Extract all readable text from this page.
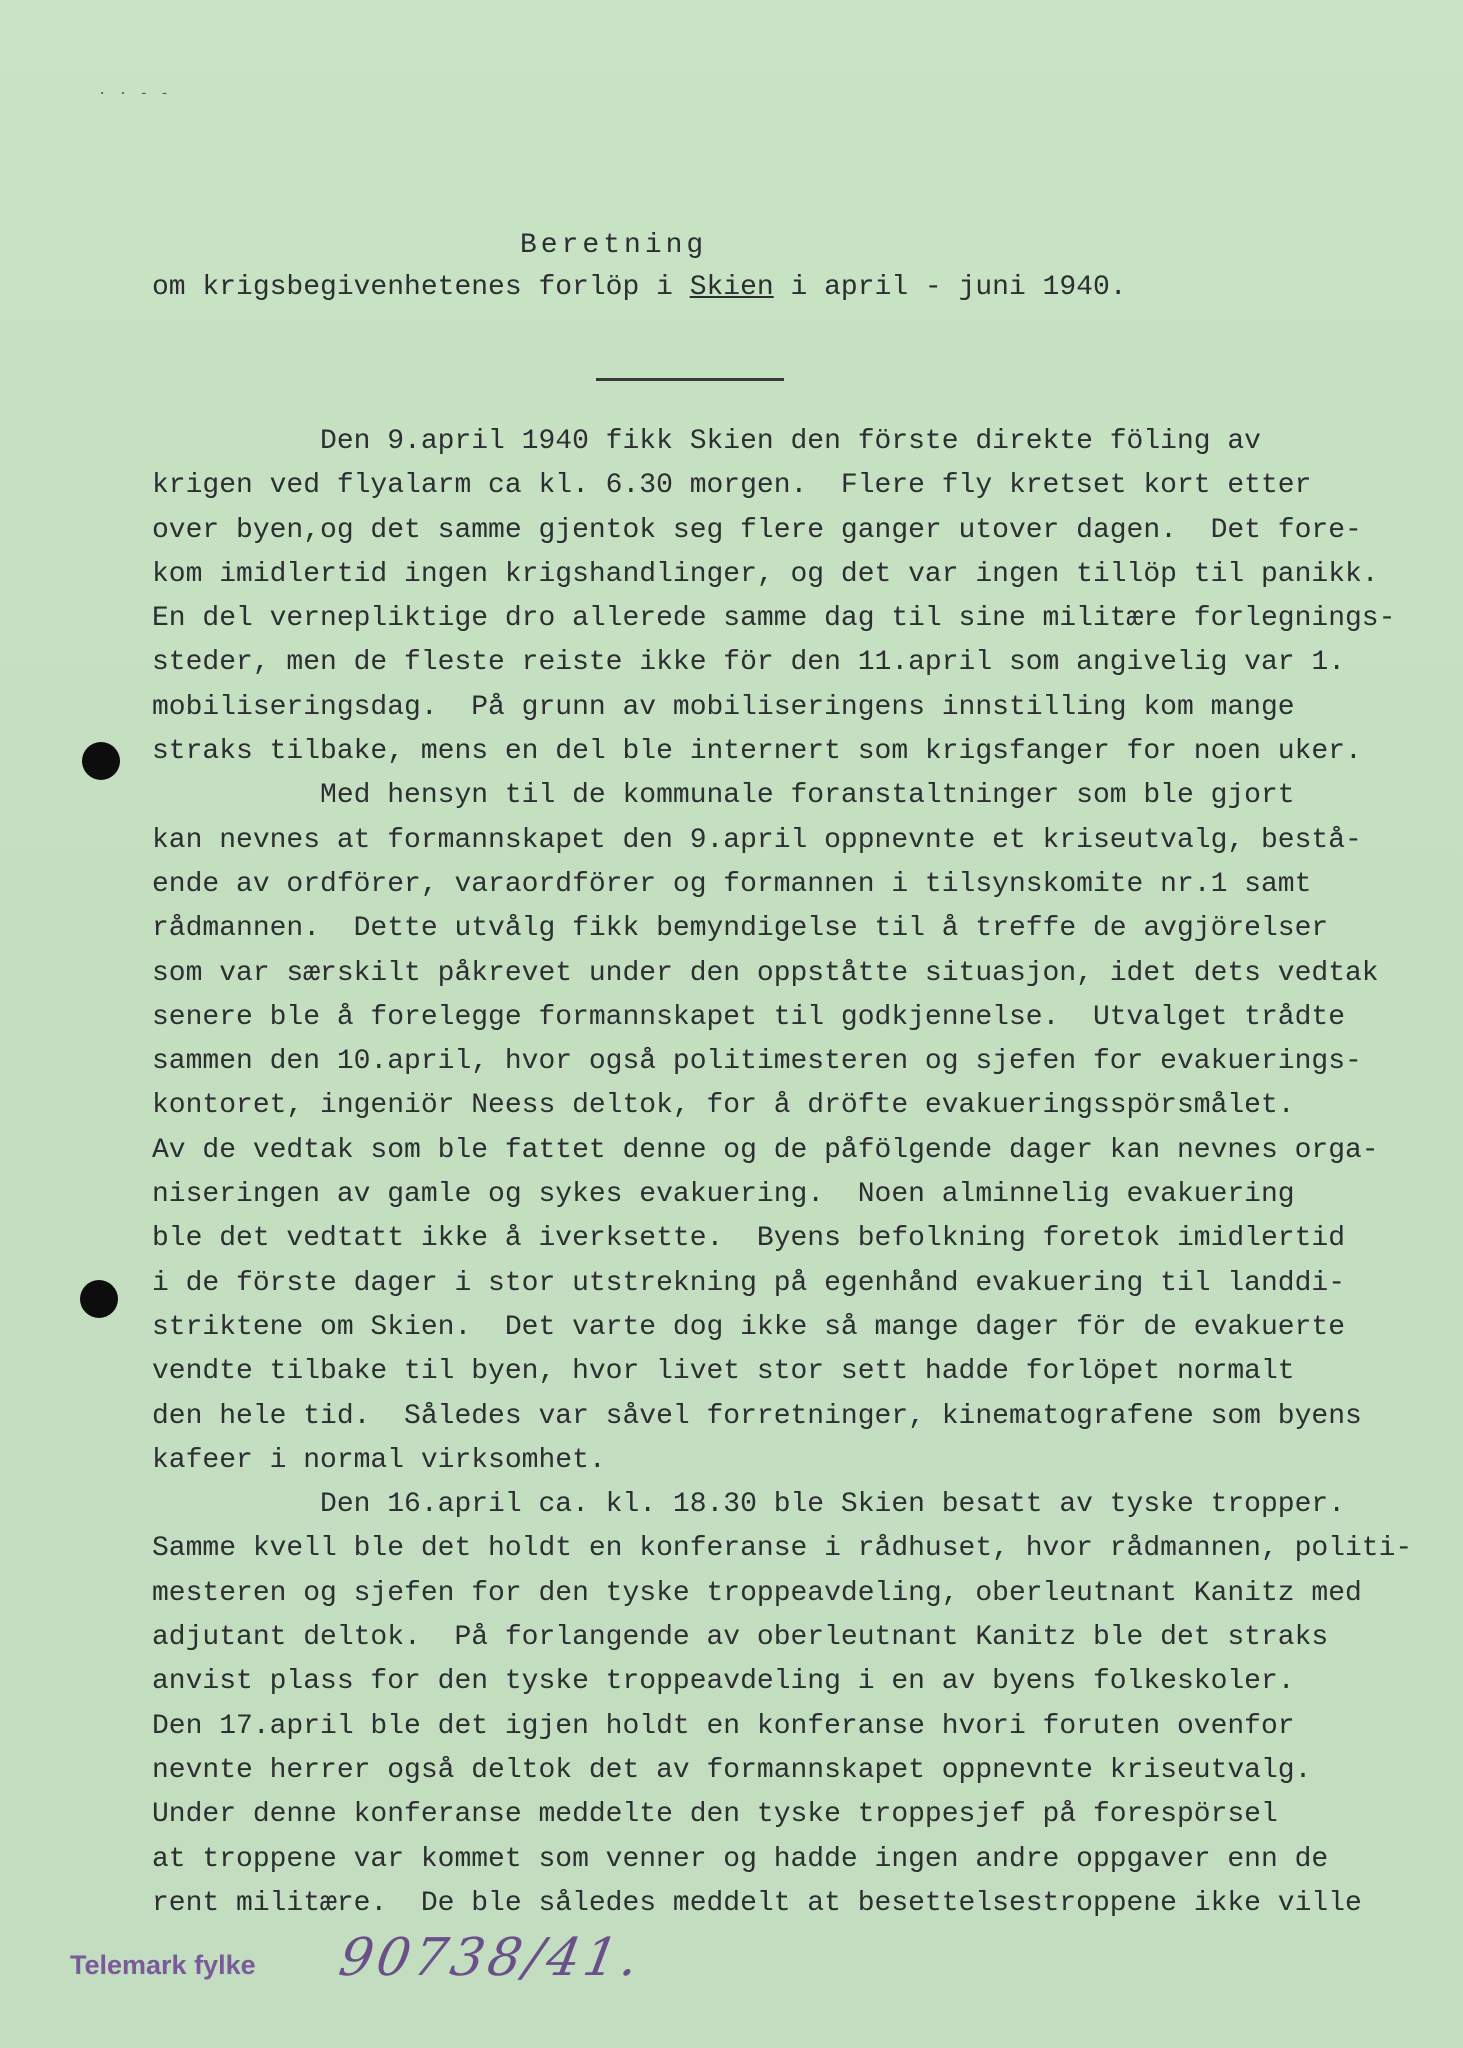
· · - -
Beretning
om krigsbegivenhetenes forlöp i Skien i april - juni 1940.
Den 9.april 1940 fikk Skien den förste direkte föling av
krigen ved flyalarm ca kl. 6.30 morgen.  Flere fly kretset kort etter
over byen,og det samme gjentok seg flere ganger utover dagen.  Det fore-
kom imidlertid ingen krigshandlinger, og det var ingen tillöp til panikk.
En del vernepliktige dro allerede samme dag til sine militære forlegnings-
steder, men de fleste reiste ikke för den 11.april som angivelig var 1.
mobiliseringsdag.  På grunn av mobiliseringens innstilling kom mange
straks tilbake, mens en del ble internert som krigsfanger for noen uker.
Med hensyn til de kommunale foranstaltninger som ble gjort
kan nevnes at formannskapet den 9.april oppnevnte et kriseutvalg, bestå-
ende av ordförer, varaordförer og formannen i tilsynskomite nr.1 samt
rådmannen.  Dette utvålg fikk bemyndigelse til å treffe de avgjörelser
som var særskilt påkrevet under den oppståtte situasjon, idet dets vedtak
senere ble å forelegge formannskapet til godkjennelse.  Utvalget trådte
sammen den 10.april, hvor også politimesteren og sjefen for evakuerings-
kontoret, ingeniör Neess deltok, for å dröfte evakueringsspörsmålet.
Av de vedtak som ble fattet denne og de påfölgende dager kan nevnes orga-
niseringen av gamle og sykes evakuering.  Noen alminnelig evakuering
ble det vedtatt ikke å iverksette.  Byens befolkning foretok imidlertid
i de förste dager i stor utstrekning på egenhånd evakuering til landdi-
striktene om Skien.  Det varte dog ikke så mange dager för de evakuerte
vendte tilbake til byen, hvor livet stor sett hadde forlöpet normalt
den hele tid.  Således var såvel forretninger, kinematografene som byens
kafeer i normal virksomhet.
Den 16.april ca. kl. 18.30 ble Skien besatt av tyske tropper.
Samme kvell ble det holdt en konferanse i rådhuset, hvor rådmannen, politi-
mesteren og sjefen for den tyske troppeavdeling, oberleutnant Kanitz med
adjutant deltok.  På forlangende av oberleutnant Kanitz ble det straks
anvist plass for den tyske troppeavdeling i en av byens folkeskoler.
Den 17.april ble det igjen holdt en konferanse hvori foruten ovenfor
nevnte herrer også deltok det av formannskapet oppnevnte kriseutvalg.
Under denne konferanse meddelte den tyske troppesjef på forespörsel
at troppene var kommet som venner og hadde ingen andre oppgaver enn de
rent militære.  De ble således meddelt at besettelsestroppene ikke ville
Telemark fylke 90738/41.
